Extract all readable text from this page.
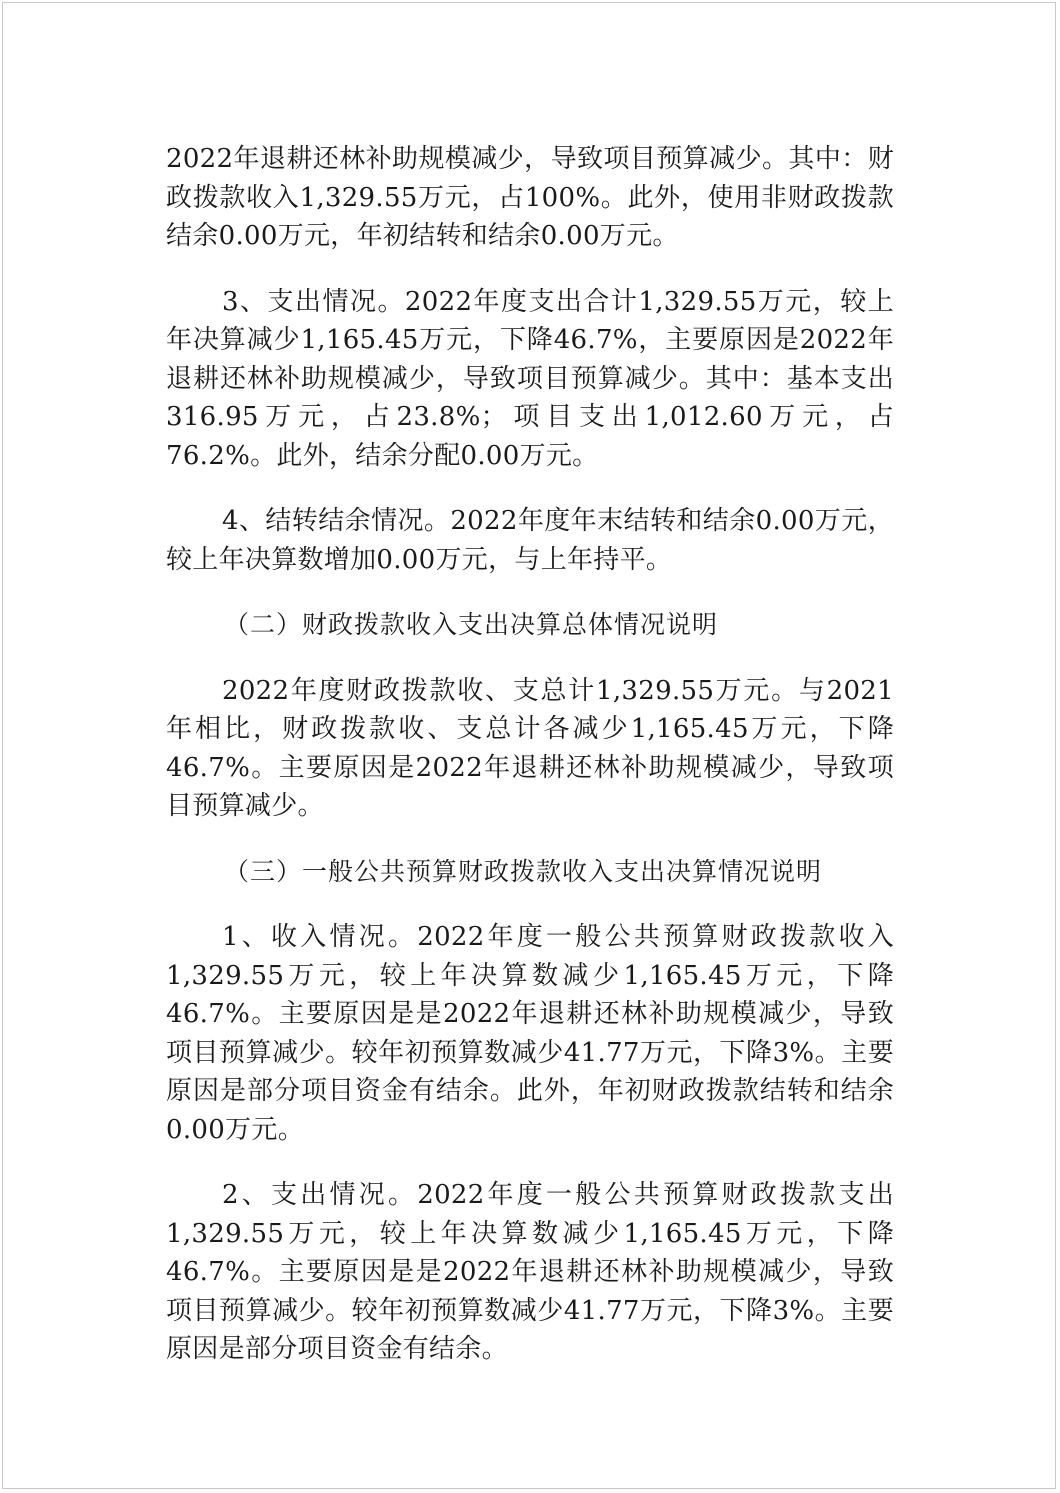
2022年退耕还林补助规模减少，导致项目预算减少。其中：财政拨款收入1,329.55万元，占100%。此外，使用非财政拨款结余0.00万元，年初结转和结余0.00万元。

3、支出情况。2022年度支出合计1,329.55万元，较上年决算减少1,165.45万元，下降46.7%，主要原因是2022年退耕还林补助规模减少，导致项目预算减少。其中：基本支出316.95万元，占23.8%；项目支出1,012.60万元，占76.2%。此外，结余分配0.00万元。

4、结转结余情况。2022年度年末结转和结余0.00万元，较上年决算数增加0.00万元，与上年持平。

（二）财政拨款收入支出决算总体情况说明

2022年度财政拨款收、支总计1,329.55万元。与2021年相比，财政拨款收、支总计各减少1,165.45万元，下降46.7%。主要原因是2022年退耕还林补助规模减少，导致项目预算减少。

（三）一般公共预算财政拨款收入支出决算情况说明

1、收入情况。2022年度一般公共预算财政拨款收入1,329.55万元，较上年决算数减少1,165.45万元，下降46.7%。主要原因是是2022年退耕还林补助规模减少，导致项目预算减少。较年初预算数减少41.77万元，下降3%。主要原因是部分项目资金有结余。此外，年初财政拨款结转和结余0.00万元。

2、支出情况。2022年度一般公共预算财政拨款支出1,329.55万元，较上年决算数减少1,165.45万元，下降46.7%。主要原因是是2022年退耕还林补助规模减少，导致项目预算减少。较年初预算数减少41.77万元，下降3%。主要原因是部分项目资金有结余。
